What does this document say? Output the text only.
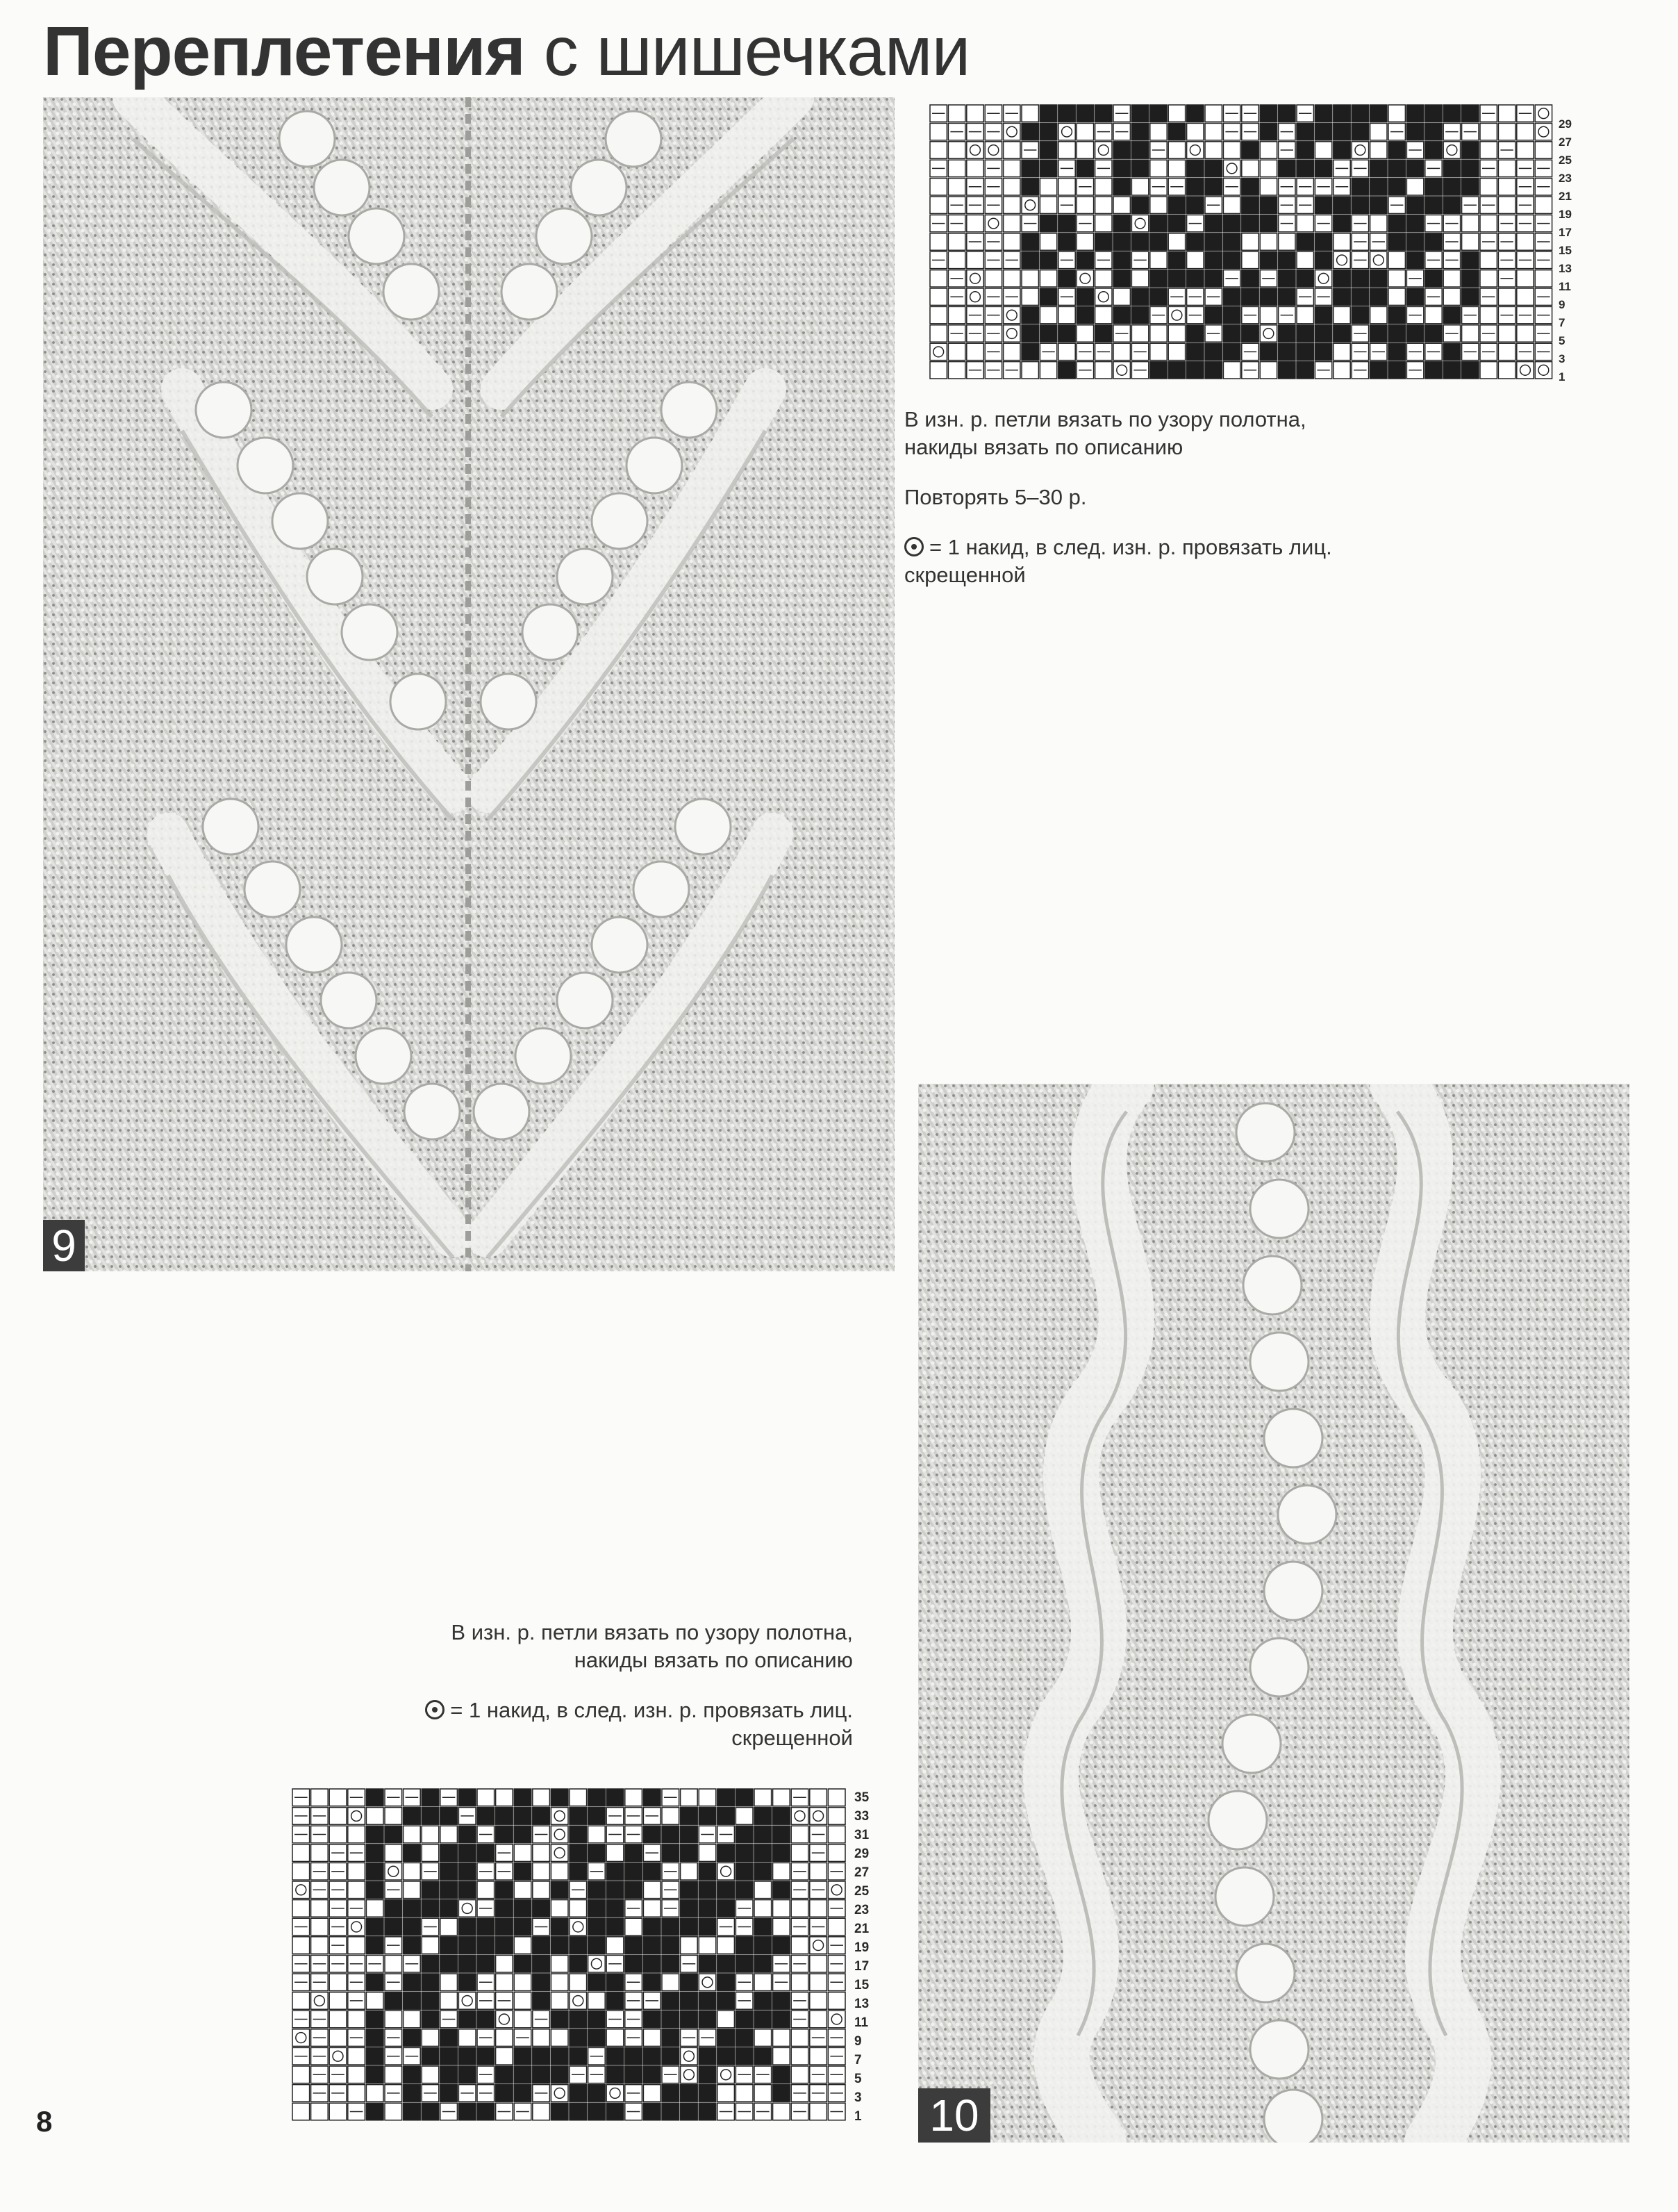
Переплетения с шишечками
9
29
27
25
23
21
19
17
15
13
11
9
7
5
3
1

В изн. р. петли вязать по узору полотна,
накиды вязать по описанию

Повторять 5–30 р.

= 1 накид, в след. изн. р. провязать лиц.
скрещенной

10

В изн. р. петли вязать по узору полотна,
накиды вязать по описанию

= 1 накид, в след. изн. р. провязать лиц.
скрещенной

35
33
31
29
27
25
23
21
19
17
15
13
11
9
7
5
3
1
8
